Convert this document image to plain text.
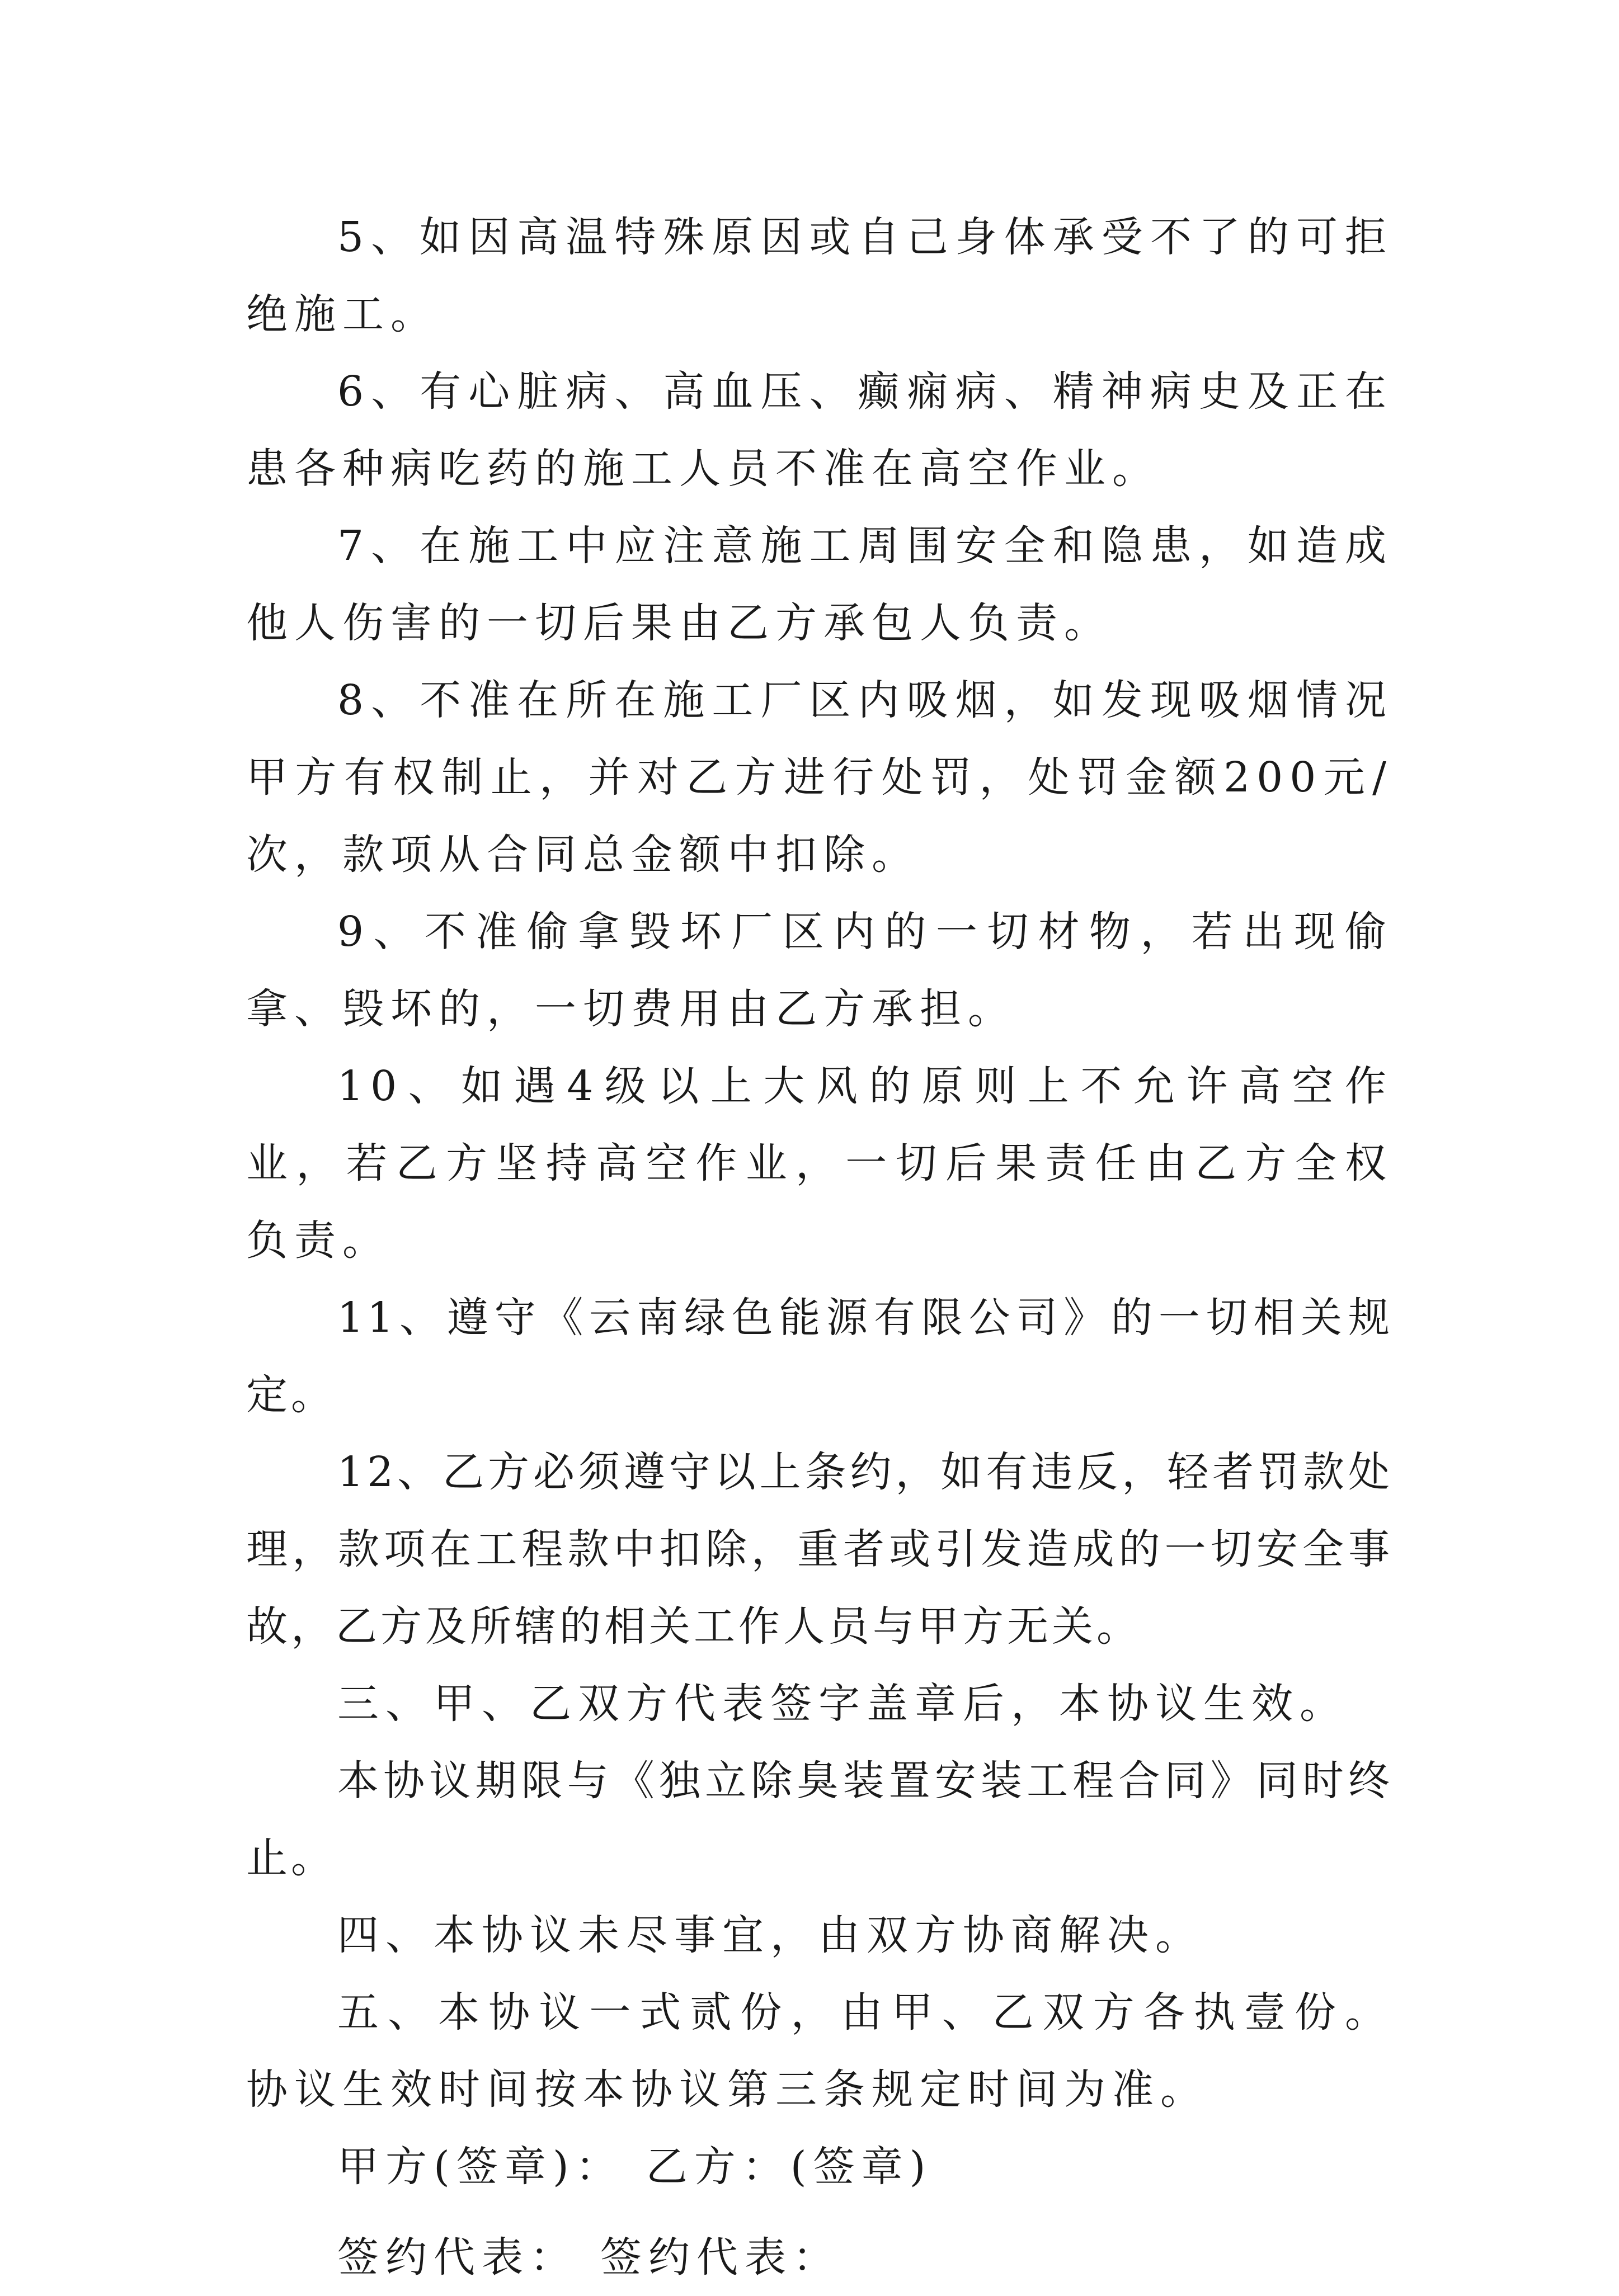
5、如因高温特殊原因或自己身体承受不了的可拒绝施工。

6、有心脏病、高血压、癫痫病、精神病史及正在患各种病吃药的施工人员不准在高空作业。

7、在施工中应注意施工周围安全和隐患，如造成他人伤害的一切后果由乙方承包人负责。

8、不准在所在施工厂区内吸烟，如发现吸烟情况甲方有权制止，并对乙方进行处罚，处罚金额200元/次，款项从合同总金额中扣除。

9、不准偷拿毁坏厂区内的一切材物，若出现偷拿、毁坏的，一切费用由乙方承担。

10、如遇4级以上大风的原则上不允许高空作业，若乙方坚持高空作业，一切后果责任由乙方全权负责。

11、遵守《云南绿色能源有限公司》的一切相关规定。

12、乙方必须遵守以上条约，如有违反，轻者罚款处理，款项在工程款中扣除，重者或引发造成的一切安全事故，乙方及所辖的相关工作人员与甲方无关。

三、甲、乙双方代表签字盖章后，本协议生效。

本协议期限与《独立除臭装置安装工程合同》同时终止。

四、本协议未尽事宜，由双方协商解决。

五、本协议一式贰份，由甲、乙双方各执壹份。协议生效时间按本协议第三条规定时间为准。

甲方(签章)： 乙方：(签章)

签约代表： 签约代表：
